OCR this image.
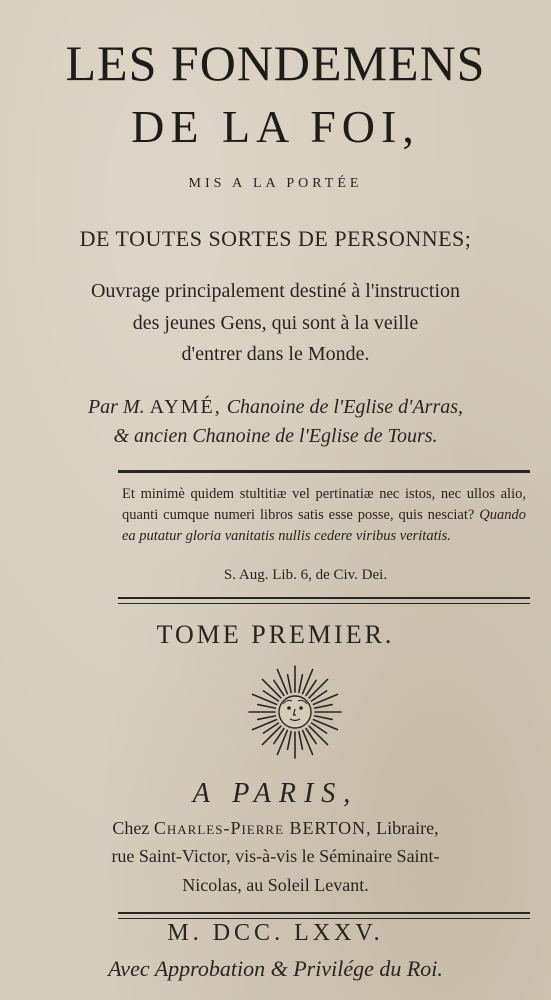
LES FONDEMENS
DE LA FOI,
MIS A LA PORTÉE
DE TOUTES SORTES DE PERSONNES;
Ouvrage principalement destiné à l'instruction
des jeunes Gens, qui sont à la veille
d'entrer dans le Monde.
Par M. AYMÉ, Chanoine de l'Eglise d'Arras,
& ancien Chanoine de l'Eglise de Tours.
Et minimè quidem stultitiæ vel pertinatiæ nec istos, nec ullos alio, quanti cumque numeri libros satis esse posse, quis nesciat? Quando ea putatur gloria vanitatis nullis cedere viribus veritatis.
S. Aug. Lib. 6, de Civ. Dei.
TOME PREMIER.
A PARIS,
Chez Charles-Pierre BERTON, Libraire,
rue Saint-Victor, vis-à-vis le Séminaire Saint-
Nicolas, au Soleil Levant.
M. DCC. LXXV.
Avec Approbation & Privilége du Roi.
